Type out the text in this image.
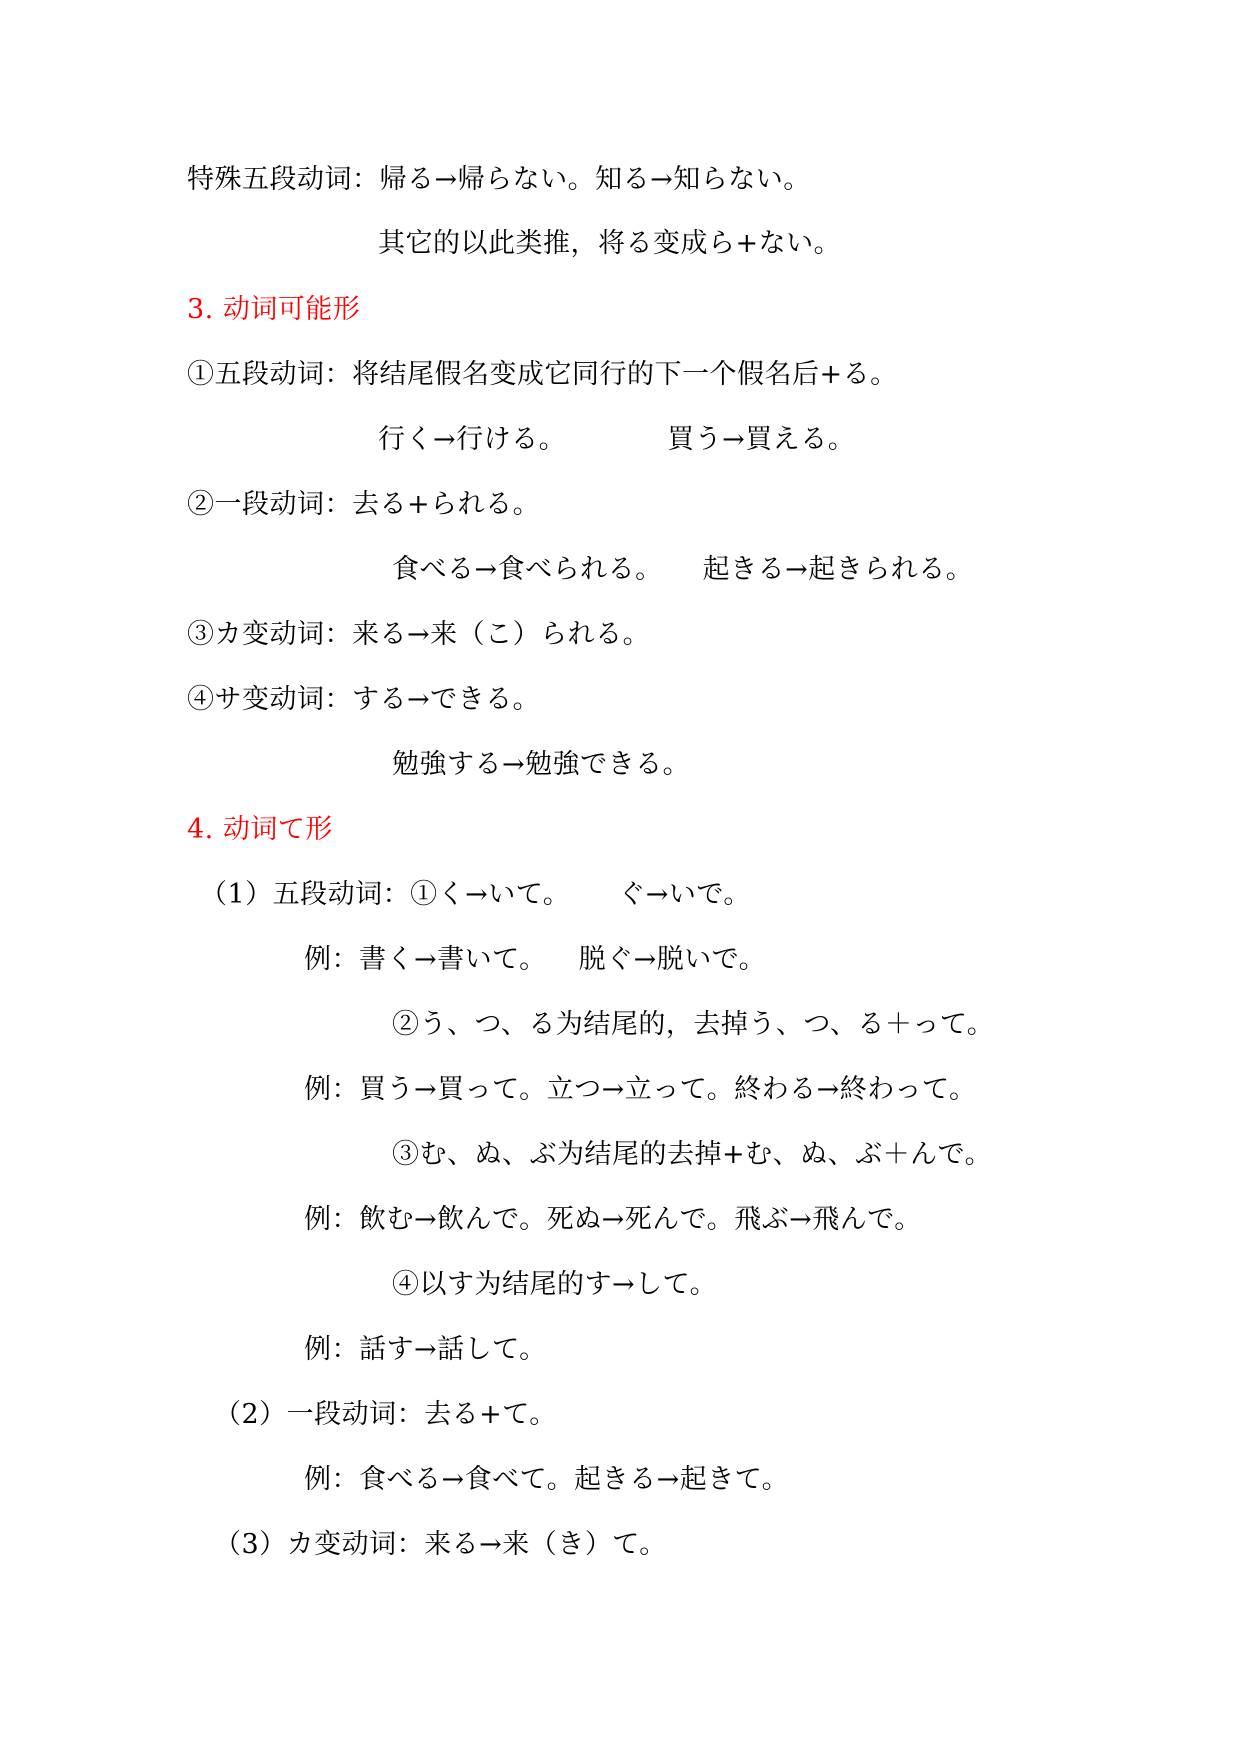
特殊五段动词：帰る→帰らない。知る→知らない。
其它的以此类推，将る变成ら+ない。
3. 动词可能形
①五段动词：将结尾假名变成它同行的下一个假名后+る。
行く→行ける。	買う→買える。
②一段动词：去る+られる。
食べる→食べられる。 起きる→起きられる。
③カ变动词：来る→来（こ）られる。
④サ变动词：する→できる。
勉強する→勉強できる。
4. 动词て形
（1）五段动词：①く→いて。 ぐ→いで。
例：書く→書いて。 脱ぐ→脱いで。
②う、つ、る为结尾的，去掉う、つ、る＋って。
例：買う→買って。立つ→立って。終わる→終わって。
③む、ぬ、ぶ为结尾的去掉+む、ぬ、ぶ＋んで。
例：飲む→飲んで。死ぬ→死んで。飛ぶ→飛んで。
④以す为结尾的す→して。
例：話す→話して。
（2）一段动词：去る+て。
例：食べる→食べて。起きる→起きて。
（3）カ变动词：来る→来（き）て。
